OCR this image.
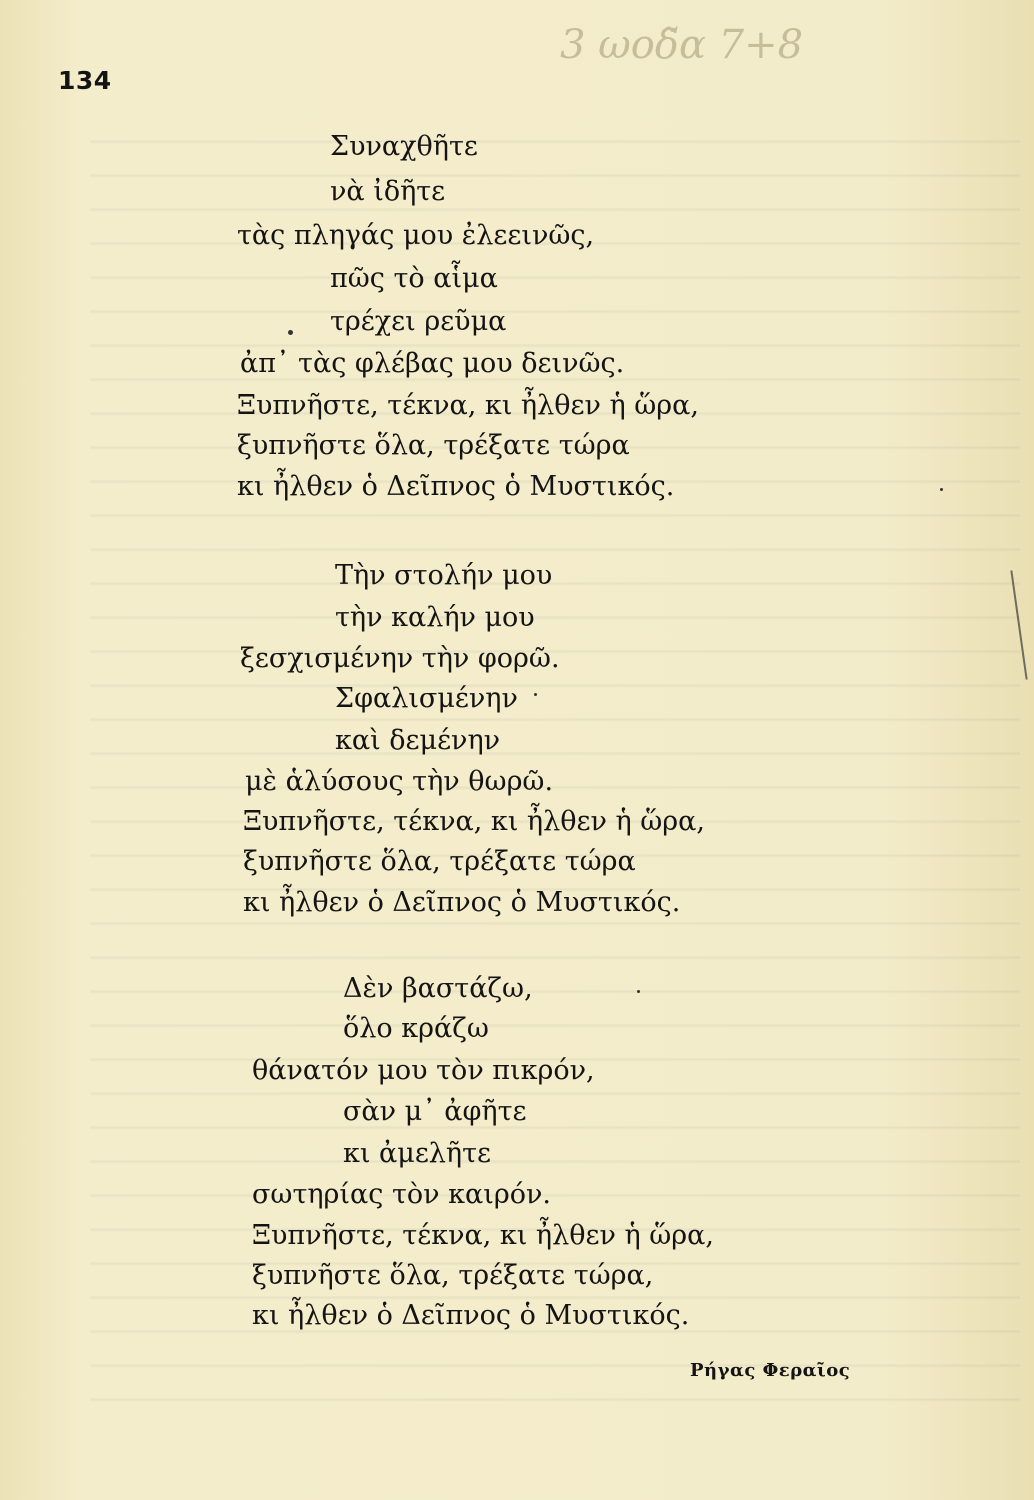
3 ωοδ̃α 7+8
134
Συναχθῆτε
νὰ ἰδῆτε
τὰς πληγάς μου ἐλεεινῶς,
πῶς τὸ αἷμα
τρέχει ρεῦμα
ἀπ᾽ τὰς φλέβας μου δεινῶς.
Ξυπνῆστε, τέκνα, κι ἦλθεν ἡ ὥρα,
ξυπνῆστε ὅλα, τρέξατε τώρα
κι ἦλθεν ὁ Δεῖπνος ὁ Μυστικός.
Τὴν στολήν μου
τὴν καλήν μου
ξεσχισμένην τὴν φορῶ.
Σφαλισμένην
καὶ δεμένην
μὲ ἁλύσους τὴν θωρῶ.
Ξυπνῆστε, τέκνα, κι ἦλθεν ἡ ὥρα,
ξυπνῆστε ὅλα, τρέξατε τώρα
κι ἦλθεν ὁ Δεῖπνος ὁ Μυστικός.
Δὲν βαστάζω,
ὅλο κράζω
θάνατόν μου τὸν πικρόν,
σὰν μ᾽ ἀφῆτε
κι ἀμελῆτε
σωτηρίας τὸν καιρόν.
Ξυπνῆστε, τέκνα, κι ἦλθεν ἡ ὥρα,
ξυπνῆστε ὅλα, τρέξατε τώρα,
κι ἦλθεν ὁ Δεῖπνος ὁ Μυστικός.
Ρήγας Φεραῖος
